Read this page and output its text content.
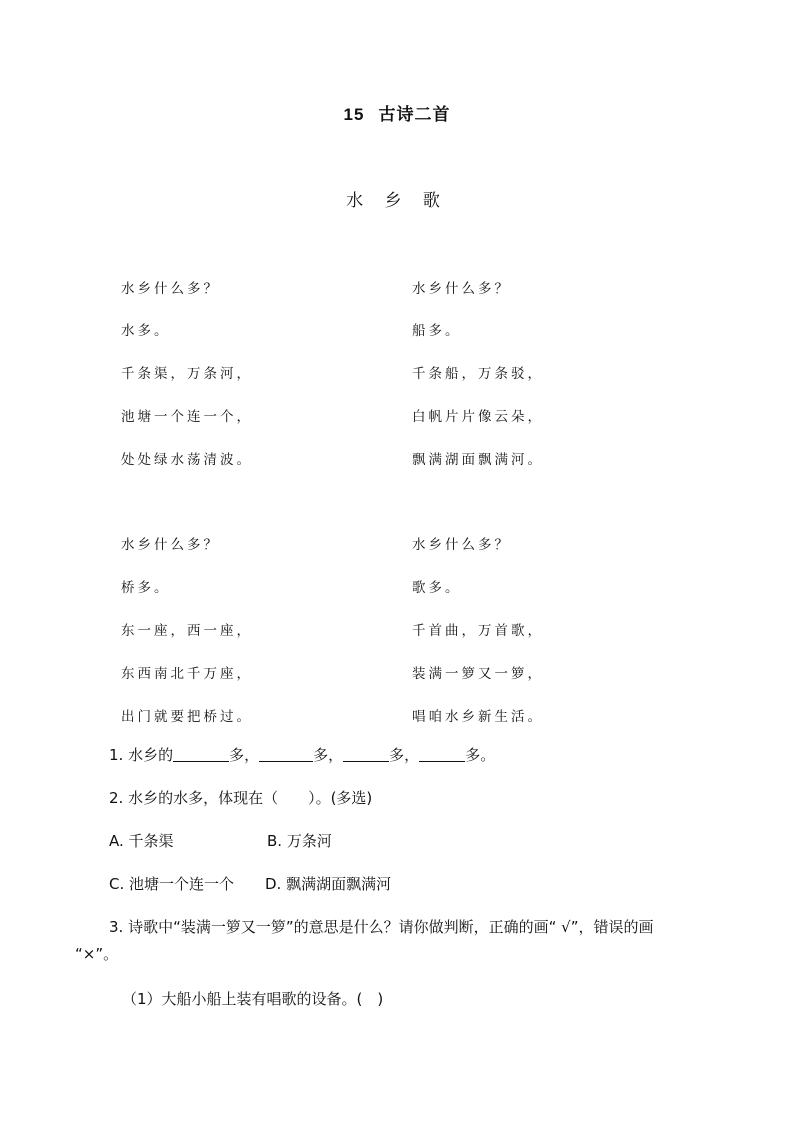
15 古诗二首
水 乡 歌
水乡什么多？
水多。
千条渠，万条河，
池塘一个连一个，
处处绿水荡清波。
水乡什么多？
船多。
千条船，万条驳，
白帆片片像云朵，
飘满湖面飘满河。
水乡什么多？
桥多。
东一座，西一座，
东西南北千万座，
出门就要把桥过。
水乡什么多？
歌多。
千首曲，万首歌，
装满一箩又一箩，
唱咱水乡新生活。
1. 水乡的	多，	多，	多，	多。
2. 水乡的水多，体现在（　　）。(多选)
A. 千条渠	B. 万条河
C. 池塘一个连一个 D. 飘满湖面飘满河
3. 诗歌中“装满一箩又一箩”的意思是什么？请你做判断，正确的画“ √”，错误的画
“×”。
（1）大船小船上装有唱歌的设备。(　)
